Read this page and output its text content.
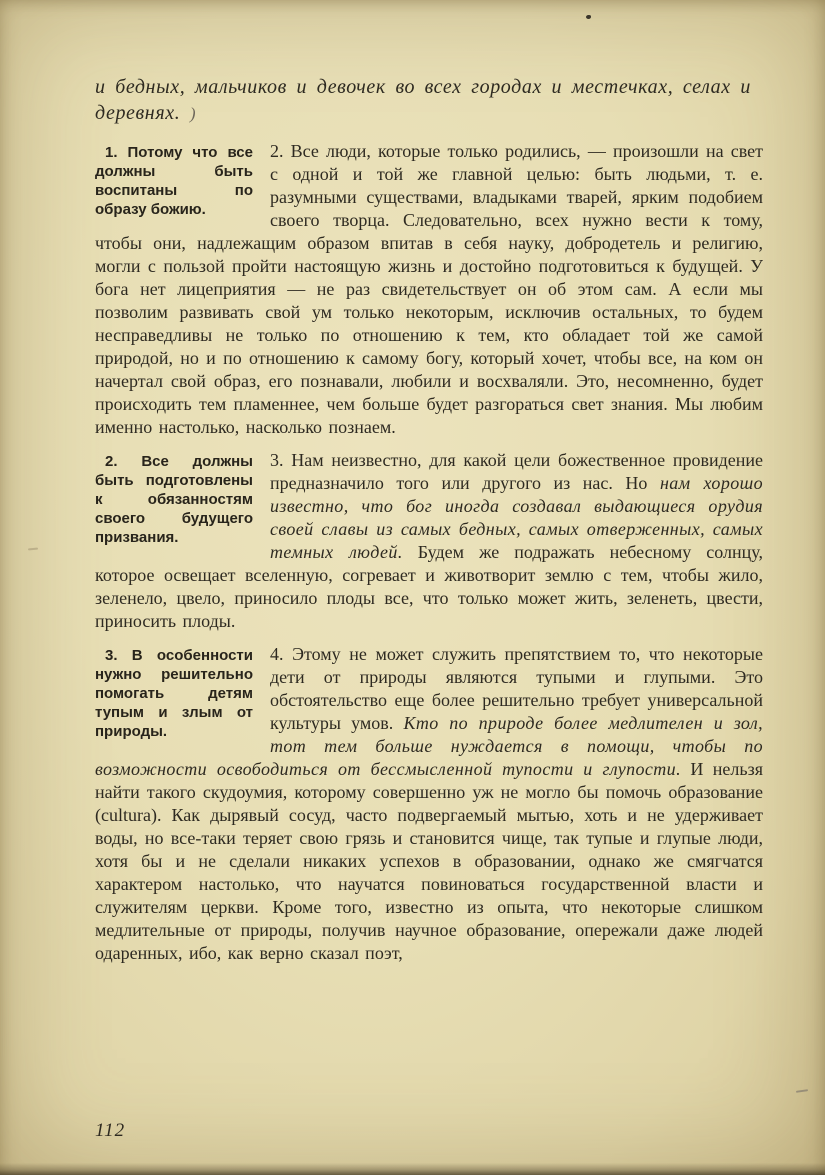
и бедных, мальчиков и девочек во всех городах и местечках, селах и деревнях. )

1. Потому что все должны быть воспитаны по образу божию.

2. Все люди, которые только родились, — произошли на свет с одной и той же главной целью: быть людьми, т. е. разумными существами, владыками тварей, ярким подобием своего творца. Следовательно, всех нужно вести к тому, чтобы они, надлежащим образом впитав в себя науку, добродетель и религию, могли с пользой пройти настоящую жизнь и достойно подготовиться к будущей. У бога нет лицеприятия — не раз свидетельствует он об этом сам. А если мы позволим развивать свой ум только некоторым, исключив остальных, то будем несправедливы не только по отношению к тем, кто обладает той же самой природой, но и по отношению к самому богу, который хочет, чтобы все, на ком он начертал свой образ, его познавали, любили и восхваляли. Это, несомненно, будет происходить тем пламеннее, чем больше будет разгораться свет знания. Мы любим именно настолько, насколько познаем.

2. Все должны быть подготовлены к обязанностям своего будущего призвания.

3. Нам неизвестно, для какой цели божественное провидение предназначило того или другого из нас. Но нам хорошо известно, что бог иногда создавал выдающиеся орудия своей славы из самых бедных, самых отверженных, самых темных людей. Будем же подражать небесному солнцу, которое освещает вселенную, согревает и животворит землю с тем, чтобы жило, зеленело, цвело, приносило плоды все, что только может жить, зеленеть, цвести, приносить плоды.

3. В особенности нужно решительно помогать детям тупым и злым от природы.

4. Этому не может служить препятствием то, что некоторые дети от природы являются тупыми и глупыми. Это обстоятельство еще более решительно требует универсальной культуры умов. Кто по природе более медлителен и зол, тот тем больше нуждается в помощи, чтобы по возможности освободиться от бессмысленной тупости и глупости. И нельзя найти такого скудоумия, которому совершенно уж не могло бы помочь образование (cultura). Как дырявый сосуд, часто подвергаемый мытью, хоть и не удерживает воды, но все-таки теряет свою грязь и становится чище, так тупые и глупые люди, хотя бы и не сделали никаких успехов в образовании, однако же смягчатся характером настолько, что научатся повиноваться государственной власти и служителям церкви. Кроме того, известно из опыта, что некоторые слишком медлительные от природы, получив научное образование, опережали даже людей одаренных, ибо, как верно сказал поэт,

112
